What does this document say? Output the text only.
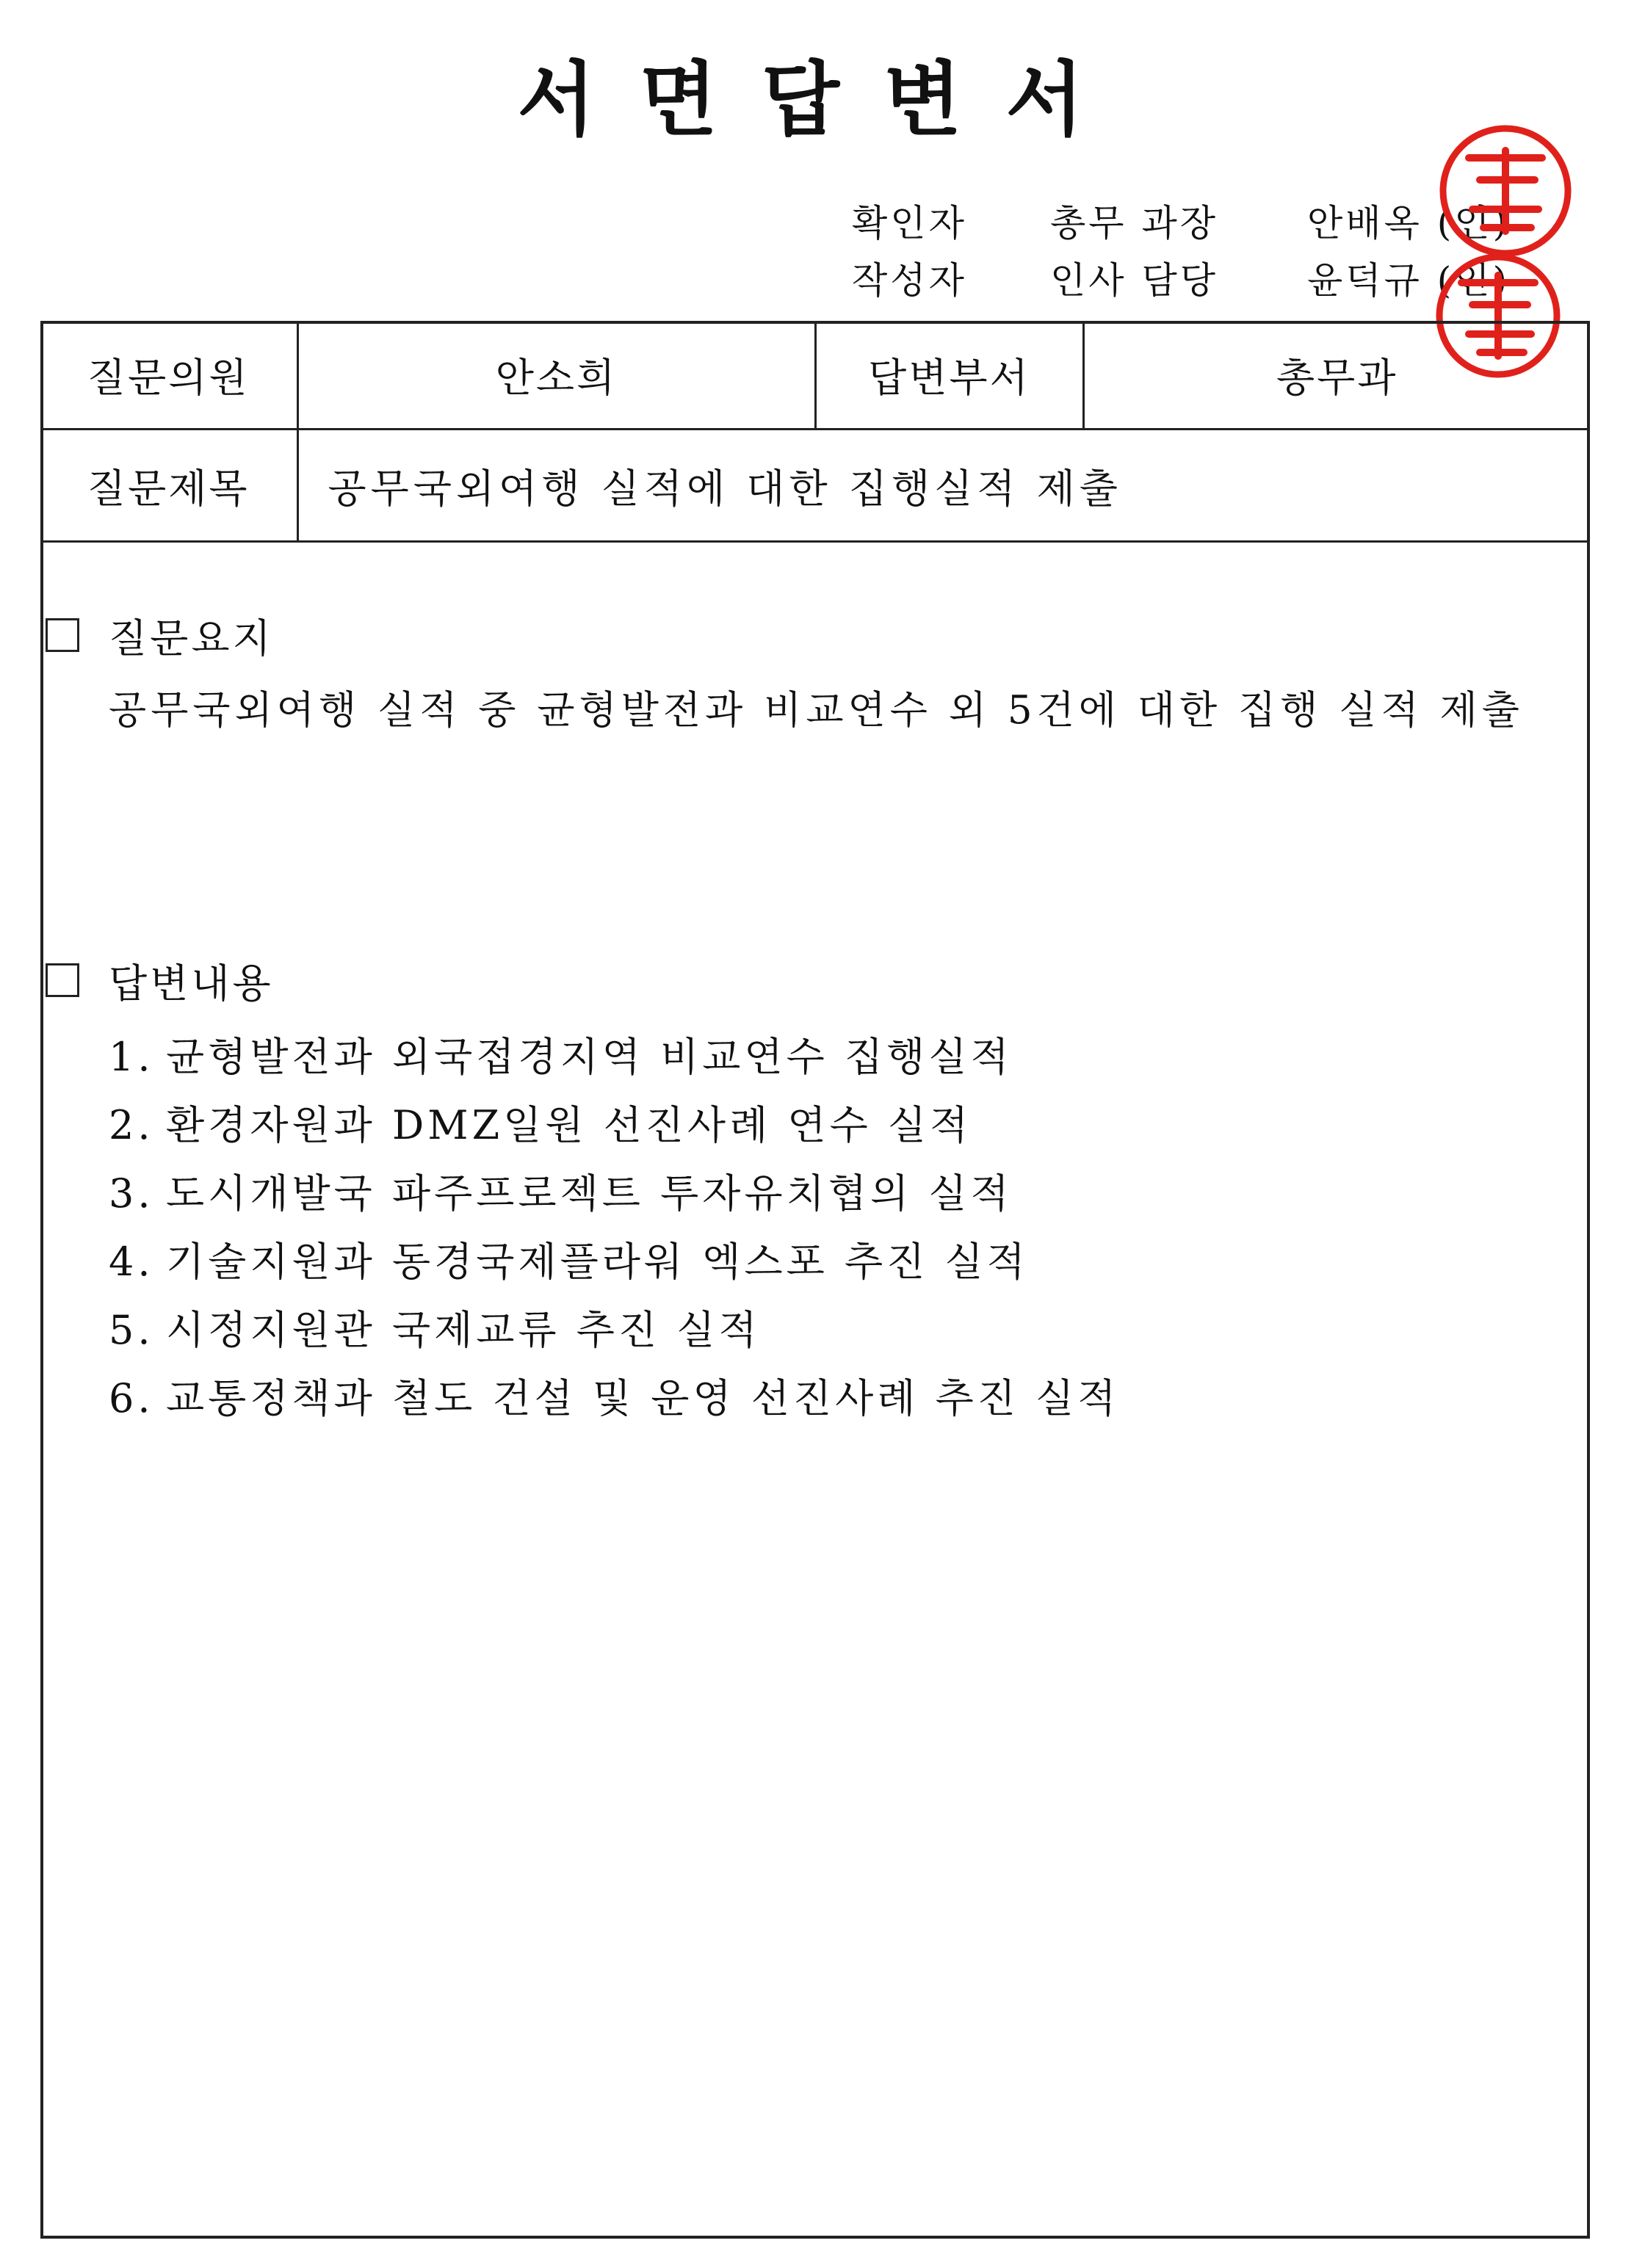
서면답변서
확인자	총무 과장	안배옥 (인)
작성자	인사 담당	윤덕규 (인)
질문의원	안소희	답변부서	총무과
질문제목	공무국외여행 실적에 대한 집행실적 제출		
질문요지
공무국외여행 실적 중 균형발전과 비교연수 외 5건에 대한 집행 실적 제출
답변내용
1. 균형발전과 외국접경지역 비교연수 집행실적
2. 환경자원과 DMZ일원 선진사례 연수 실적
3. 도시개발국 파주프로젝트 투자유치협의 실적
4. 기술지원과 동경국제플라워 엑스포 추진 실적
5. 시정지원관 국제교류 추진 실적
6. 교통정책과 철도 건설 및 운영 선진사례 추진 실적
